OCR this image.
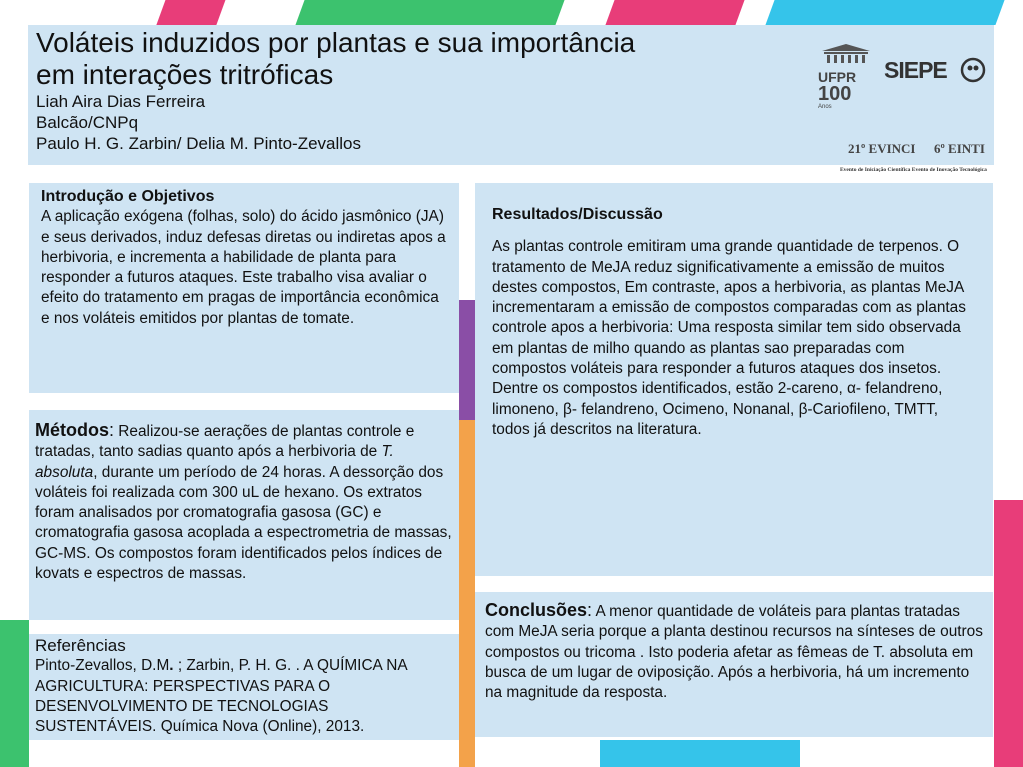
Voláteis induzidos por plantas e sua importância
em interações tritróficas
Liah Aira Dias Ferreira
Balcão/CNPq
Paulo H. G. Zarbin/ Delia M. Pinto-Zevallos
UFPR
100
Anos
SIEPE
21º EVINCI 6º EINTI
Evento de Iniciação Científica Evento de Inovação Tecnológica
Introdução e Objetivos
A aplicação exógena (folhas, solo) do ácido jasmônico (JA) e seus derivados, induz defesas diretas ou indiretas apos a herbivoria, e incrementa a habilidade de planta para responder a futuros ataques. Este trabalho visa avaliar o efeito do tratamento em pragas de importância econômica e nos voláteis emitidos por plantas de tomate.
Métodos: Realizou-se aerações de plantas controle e tratadas, tanto sadias quanto após a herbivoria de T. absoluta, durante um período de 24 horas. A dessorção dos voláteis foi realizada com 300 uL de hexano. Os extratos foram analisados por cromatografia gasosa (GC) e cromatografia gasosa acoplada a espectrometria de massas, GC-MS. Os compostos foram identificados pelos índices de kovats e espectros de massas.
Referências
Pinto-Zevallos, D.M. ; Zarbin, P. H. G. . A QUÍMICA NA AGRICULTURA: PERSPECTIVAS PARA O DESENVOLVIMENTO DE TECNOLOGIAS SUSTENTÁVEIS. Química Nova (Online), 2013.
Resultados/Discussão
As plantas controle emitiram uma grande quantidade de terpenos. O tratamento de MeJA reduz significativamente a emissão de muitos destes compostos, Em contraste, apos a herbivoria, as plantas MeJA incrementaram a emissão de compostos comparadas com as plantas controle apos a herbivoria: Uma resposta similar tem sido observada em plantas de milho quando as plantas sao preparadas com compostos voláteis para responder a futuros ataques dos insetos. Dentre os compostos identificados, estão 2-careno, α- felandreno, limoneno, β- felandreno, Ocimeno, Nonanal, β-Cariofileno, TMTT, todos já descritos na literatura.
Conclusões: A menor quantidade de voláteis para plantas tratadas com MeJA seria porque a planta destinou recursos na sínteses de outros compostos ou tricoma . Isto poderia afetar as fêmeas de T. absoluta em busca de um lugar de oviposição. Após a herbivoria, há um incremento na magnitude da resposta.
